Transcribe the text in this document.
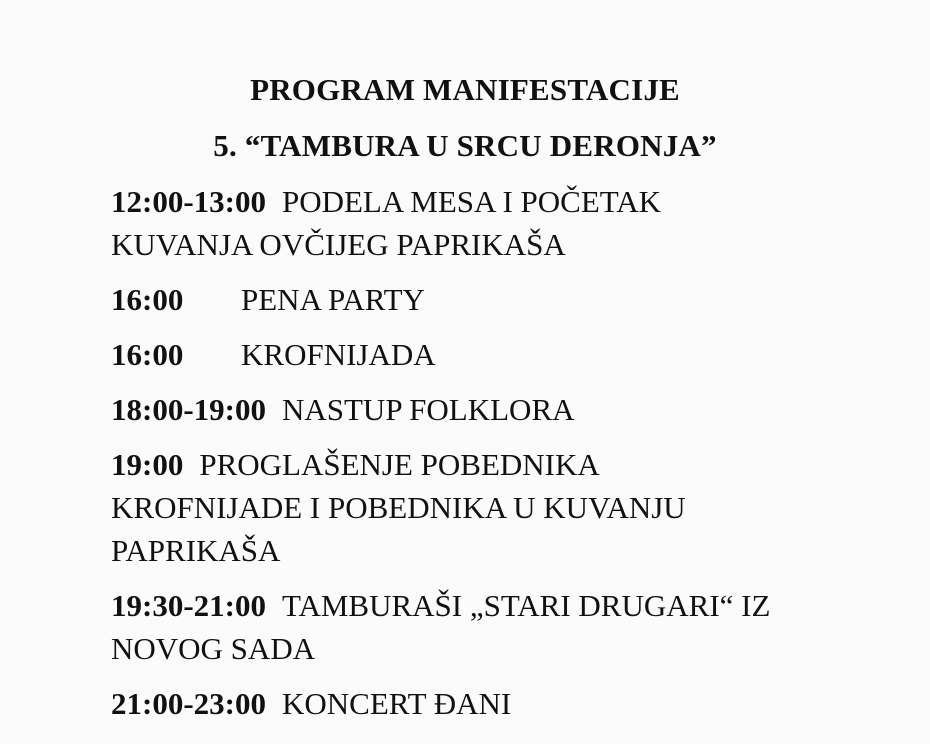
PROGRAM MANIFESTACIJE
5. “TAMBURA U SRCU DERONJA”

12:00-13:00 PODELA MESA I POČETAK KUVANJA OVČIJEG PAPRIKAŠA

16:00 PENA PARTY

16:00 KROFNIJADA

18:00-19:00 NASTUP FOLKLORA

19:00 PROGLAŠENJE POBEDNIKA KROFNIJADE I POBEDNIKA U KUVANJU PAPRIKAŠA

19:30-21:00 TAMBURAŠI „STARI DRUGARI“ IZ NOVOG SADA

21:00-23:00 KONCERT ĐANI
